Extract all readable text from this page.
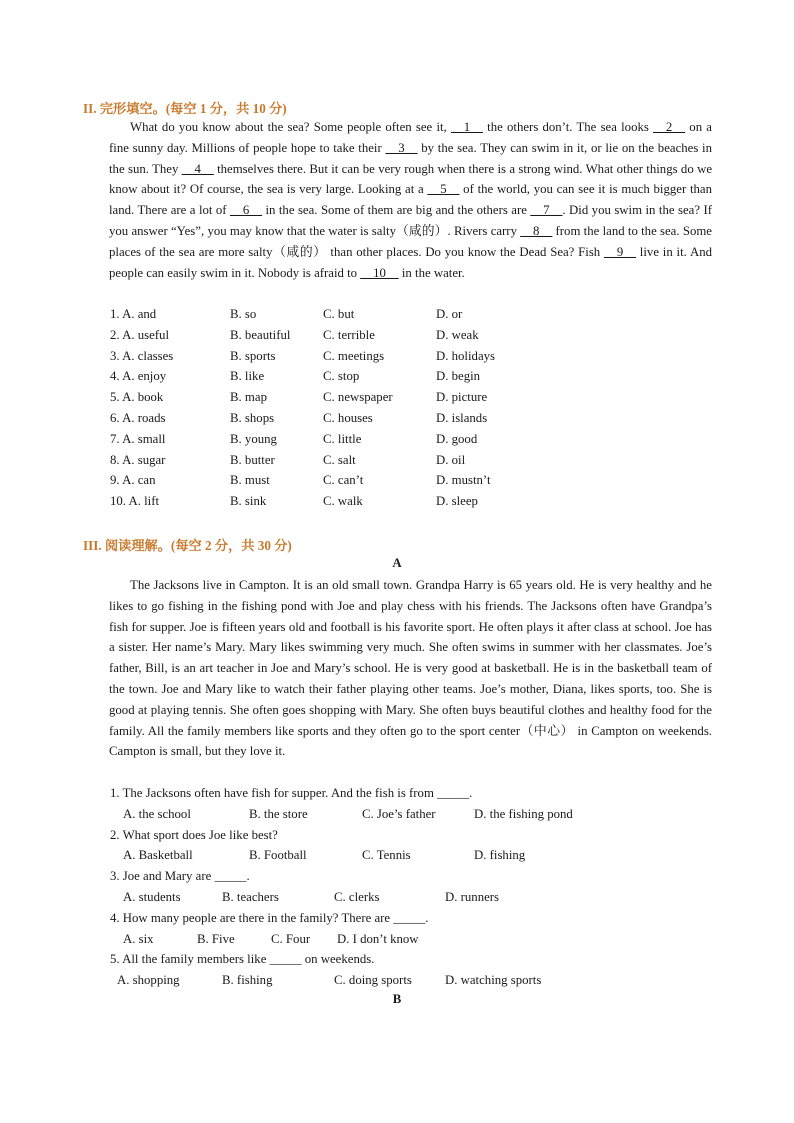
II. 完形填空。(每空 1 分，共 10 分)
What do you know about the sea? Some people often see it, __1__ the others don’t. The sea looks __2__ on a fine sunny day. Millions of people hope to take their __3__ by the sea. They can swim in it, or lie on the beaches in the sun. They __4__ themselves there. But it can be very rough when there is a strong wind. What other things do we know about it? Of course, the sea is very large. Looking at a __5__ of the world, you can see it is much bigger than land. There are a lot of __6__ in the sea. Some of them are big and the others are __7__. Did you swim in the sea? If you answer “Yes”, you may know that the water is salty（咸的）. Rivers carry __8__ from the land to the sea. Some places of the sea are more salty（咸的） than other places. Do you know the Dead Sea? Fish __9__ live in it. And people can easily swim in it. Nobody is afraid to __10__ in the water.
1. A. and	B. so	C. but	D. or
2. A. useful	B. beautiful	C. terrible	D. weak
3. A. classes	B. sports	C. meetings	D. holidays
4. A. enjoy	B. like	C. stop	D. begin
5. A. book	B. map	C. newspaper	D. picture
6. A. roads	B. shops	C. houses	D. islands
7. A. small	B. young	C. little	D. good
8. A. sugar	B. butter	C. salt	D. oil
9. A. can	B. must	C. can’t	D. mustn’t
10. A. lift	B. sink	C. walk	D. sleep
III. 阅读理解。(每空 2 分，共 30 分)
A
The Jacksons live in Campton. It is an old small town. Grandpa Harry is 65 years old. He is very healthy and he likes to go fishing in the fishing pond with Joe and play chess with his friends. The Jacksons often have Grandpa’s fish for supper. Joe is fifteen years old and football is his favorite sport. He often plays it after class at school. Joe has a sister. Her name’s Mary. Mary likes swimming very much. She often swims in summer with her classmates. Joe’s father, Bill, is an art teacher in Joe and Mary’s school. He is very good at basketball. He is in the basketball team of the town. Joe and Mary like to watch their father playing other teams. Joe’s mother, Diana, likes sports, too. She is good at playing tennis. She often goes shopping with Mary. She often buys beautiful clothes and healthy food for the family. All the family members like sports and they often go to the sport center（中心） in Campton on weekends. Campton is small, but they love it.
1. The Jacksons often have fish for supper. And the fish is from _____.
A. the school	B. the store	C. Joe’s father	D. the fishing pond
2. What sport does Joe like best?
A. Basketball	B. Football	C. Tennis	D. fishing
3. Joe and Mary are _____.
A. students	B. teachers	C. clerks	D. runners
4. How many people are there in the family? There are _____.
A. six	B. Five	C. Four D. I don’t know
5. All the family members like _____ on weekends.
A. shopping	B. fishing	C. doing sports	D. watching sports
B
